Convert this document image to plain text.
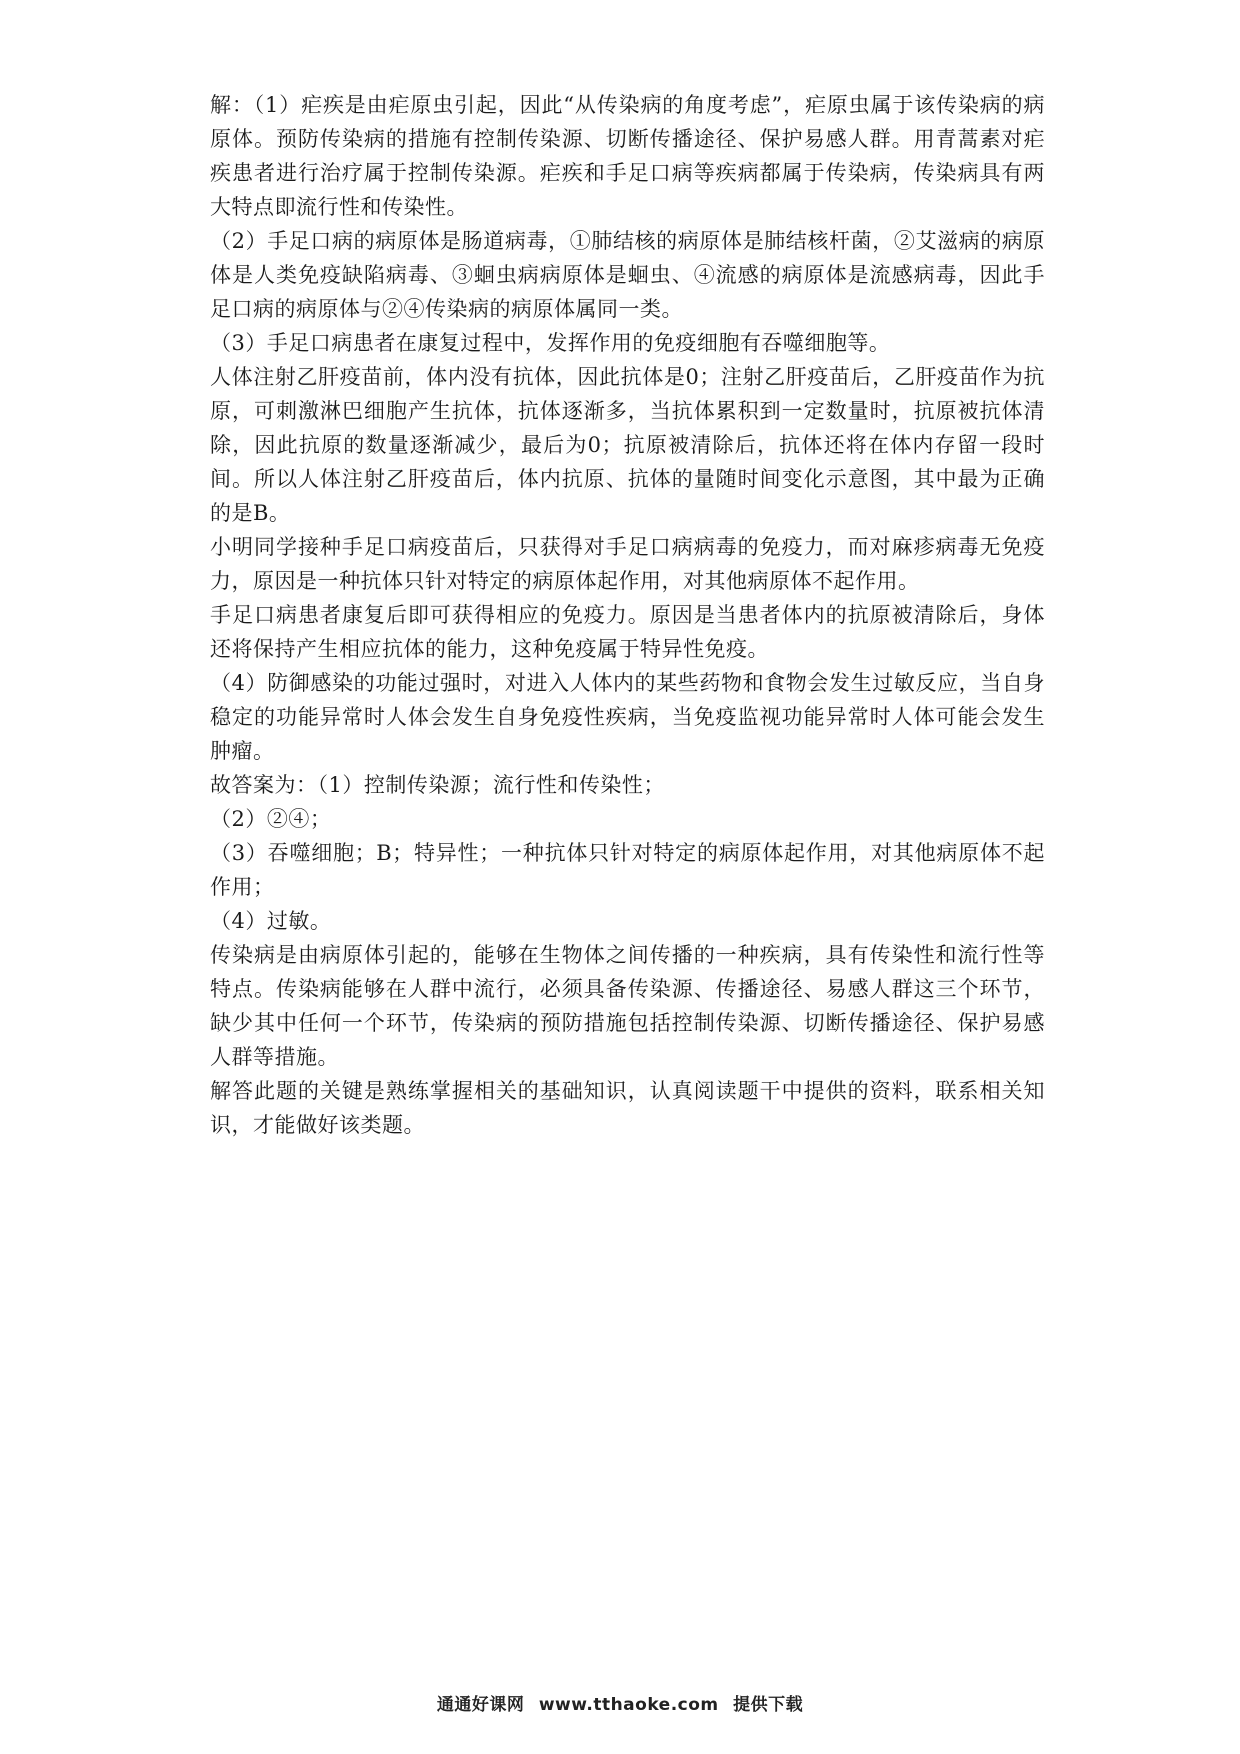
解：（1）疟疾是由疟原虫引起，因此“从传染病的角度考虑”，疟原虫属于该传染病的病原体。预防传染病的措施有控制传染源、切断传播途径、保护易感人群。用青蒿素对疟疾患者进行治疗属于控制传染源。疟疾和手足口病等疾病都属于传染病，传染病具有两大特点即流行性和传染性。

（2）手足口病的病原体是肠道病毒，①肺结核的病原体是肺结核杆菌，②艾滋病的病原体是人类免疫缺陷病毒、③蛔虫病病原体是蛔虫、④流感的病原体是流感病毒，因此手足口病的病原体与②④传染病的病原体属同一类。

（3）手足口病患者在康复过程中，发挥作用的免疫细胞有吞噬细胞等。

人体注射乙肝疫苗前，体内没有抗体，因此抗体是0；注射乙肝疫苗后，乙肝疫苗作为抗原，可刺激淋巴细胞产生抗体，抗体逐渐多，当抗体累积到一定数量时，抗原被抗体清除，因此抗原的数量逐渐减少，最后为0；抗原被清除后，抗体还将在体内存留一段时间。所以人体注射乙肝疫苗后，体内抗原、抗体的量随时间变化示意图，其中最为正确的是B。

小明同学接种手足口病疫苗后，只获得对手足口病病毒的免疫力，而对麻疹病毒无免疫力，原因是一种抗体只针对特定的病原体起作用，对其他病原体不起作用。

手足口病患者康复后即可获得相应的免疫力。原因是当患者体内的抗原被清除后，身体还将保持产生相应抗体的能力，这种免疫属于特异性免疫。

（4）防御感染的功能过强时，对进入人体内的某些药物和食物会发生过敏反应，当自身稳定的功能异常时人体会发生自身免疫性疾病，当免疫监视功能异常时人体可能会发生肿瘤。

故答案为：（1）控制传染源；流行性和传染性；

（2）②④；

（3）吞噬细胞；B；特异性；一种抗体只针对特定的病原体起作用，对其他病原体不起作用；

（4）过敏。

传染病是由病原体引起的，能够在生物体之间传播的一种疾病，具有传染性和流行性等特点。传染病能够在人群中流行，必须具备传染源、传播途径、易感人群这三个环节，缺少其中任何一个环节，传染病的预防措施包括控制传染源、切断传播途径、保护易感人群等措施。

解答此题的关键是熟练掌握相关的基础知识，认真阅读题干中提供的资料，联系相关知识，才能做好该类题。

通通好课网 www.tthaoke.com 提供下载
